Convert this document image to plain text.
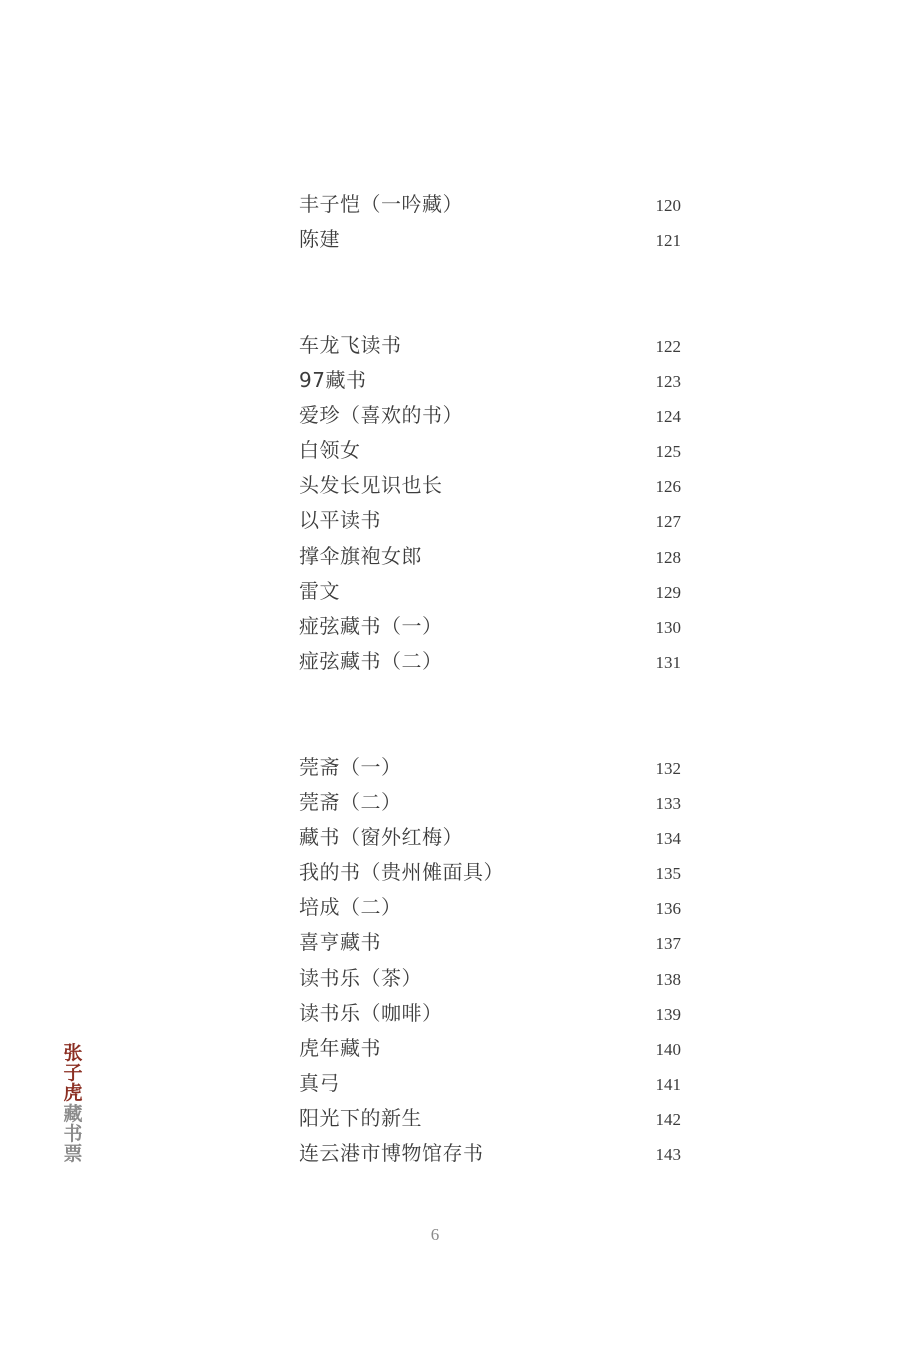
丰子恺（一吟藏）	120
陈建	121
车龙飞读书	122
97藏书	123
爱珍（喜欢的书）	124
白领女	125
头发长见识也长	126
以平读书	127
撑伞旗袍女郎	128
雷文	129
痖弦藏书（一）	130
痖弦藏书（二）	131
莞斋（一）	132
莞斋（二）	133
藏书（窗外红梅）	134
我的书（贵州傩面具）	135
培成（二）	136
喜亨藏书	137
读书乐（茶）	138
读书乐（咖啡）	139
虎年藏书	140
真弓	141
阳光下的新生	142
连云港市博物馆存书	143
张
子
虎
藏
书
票
6
